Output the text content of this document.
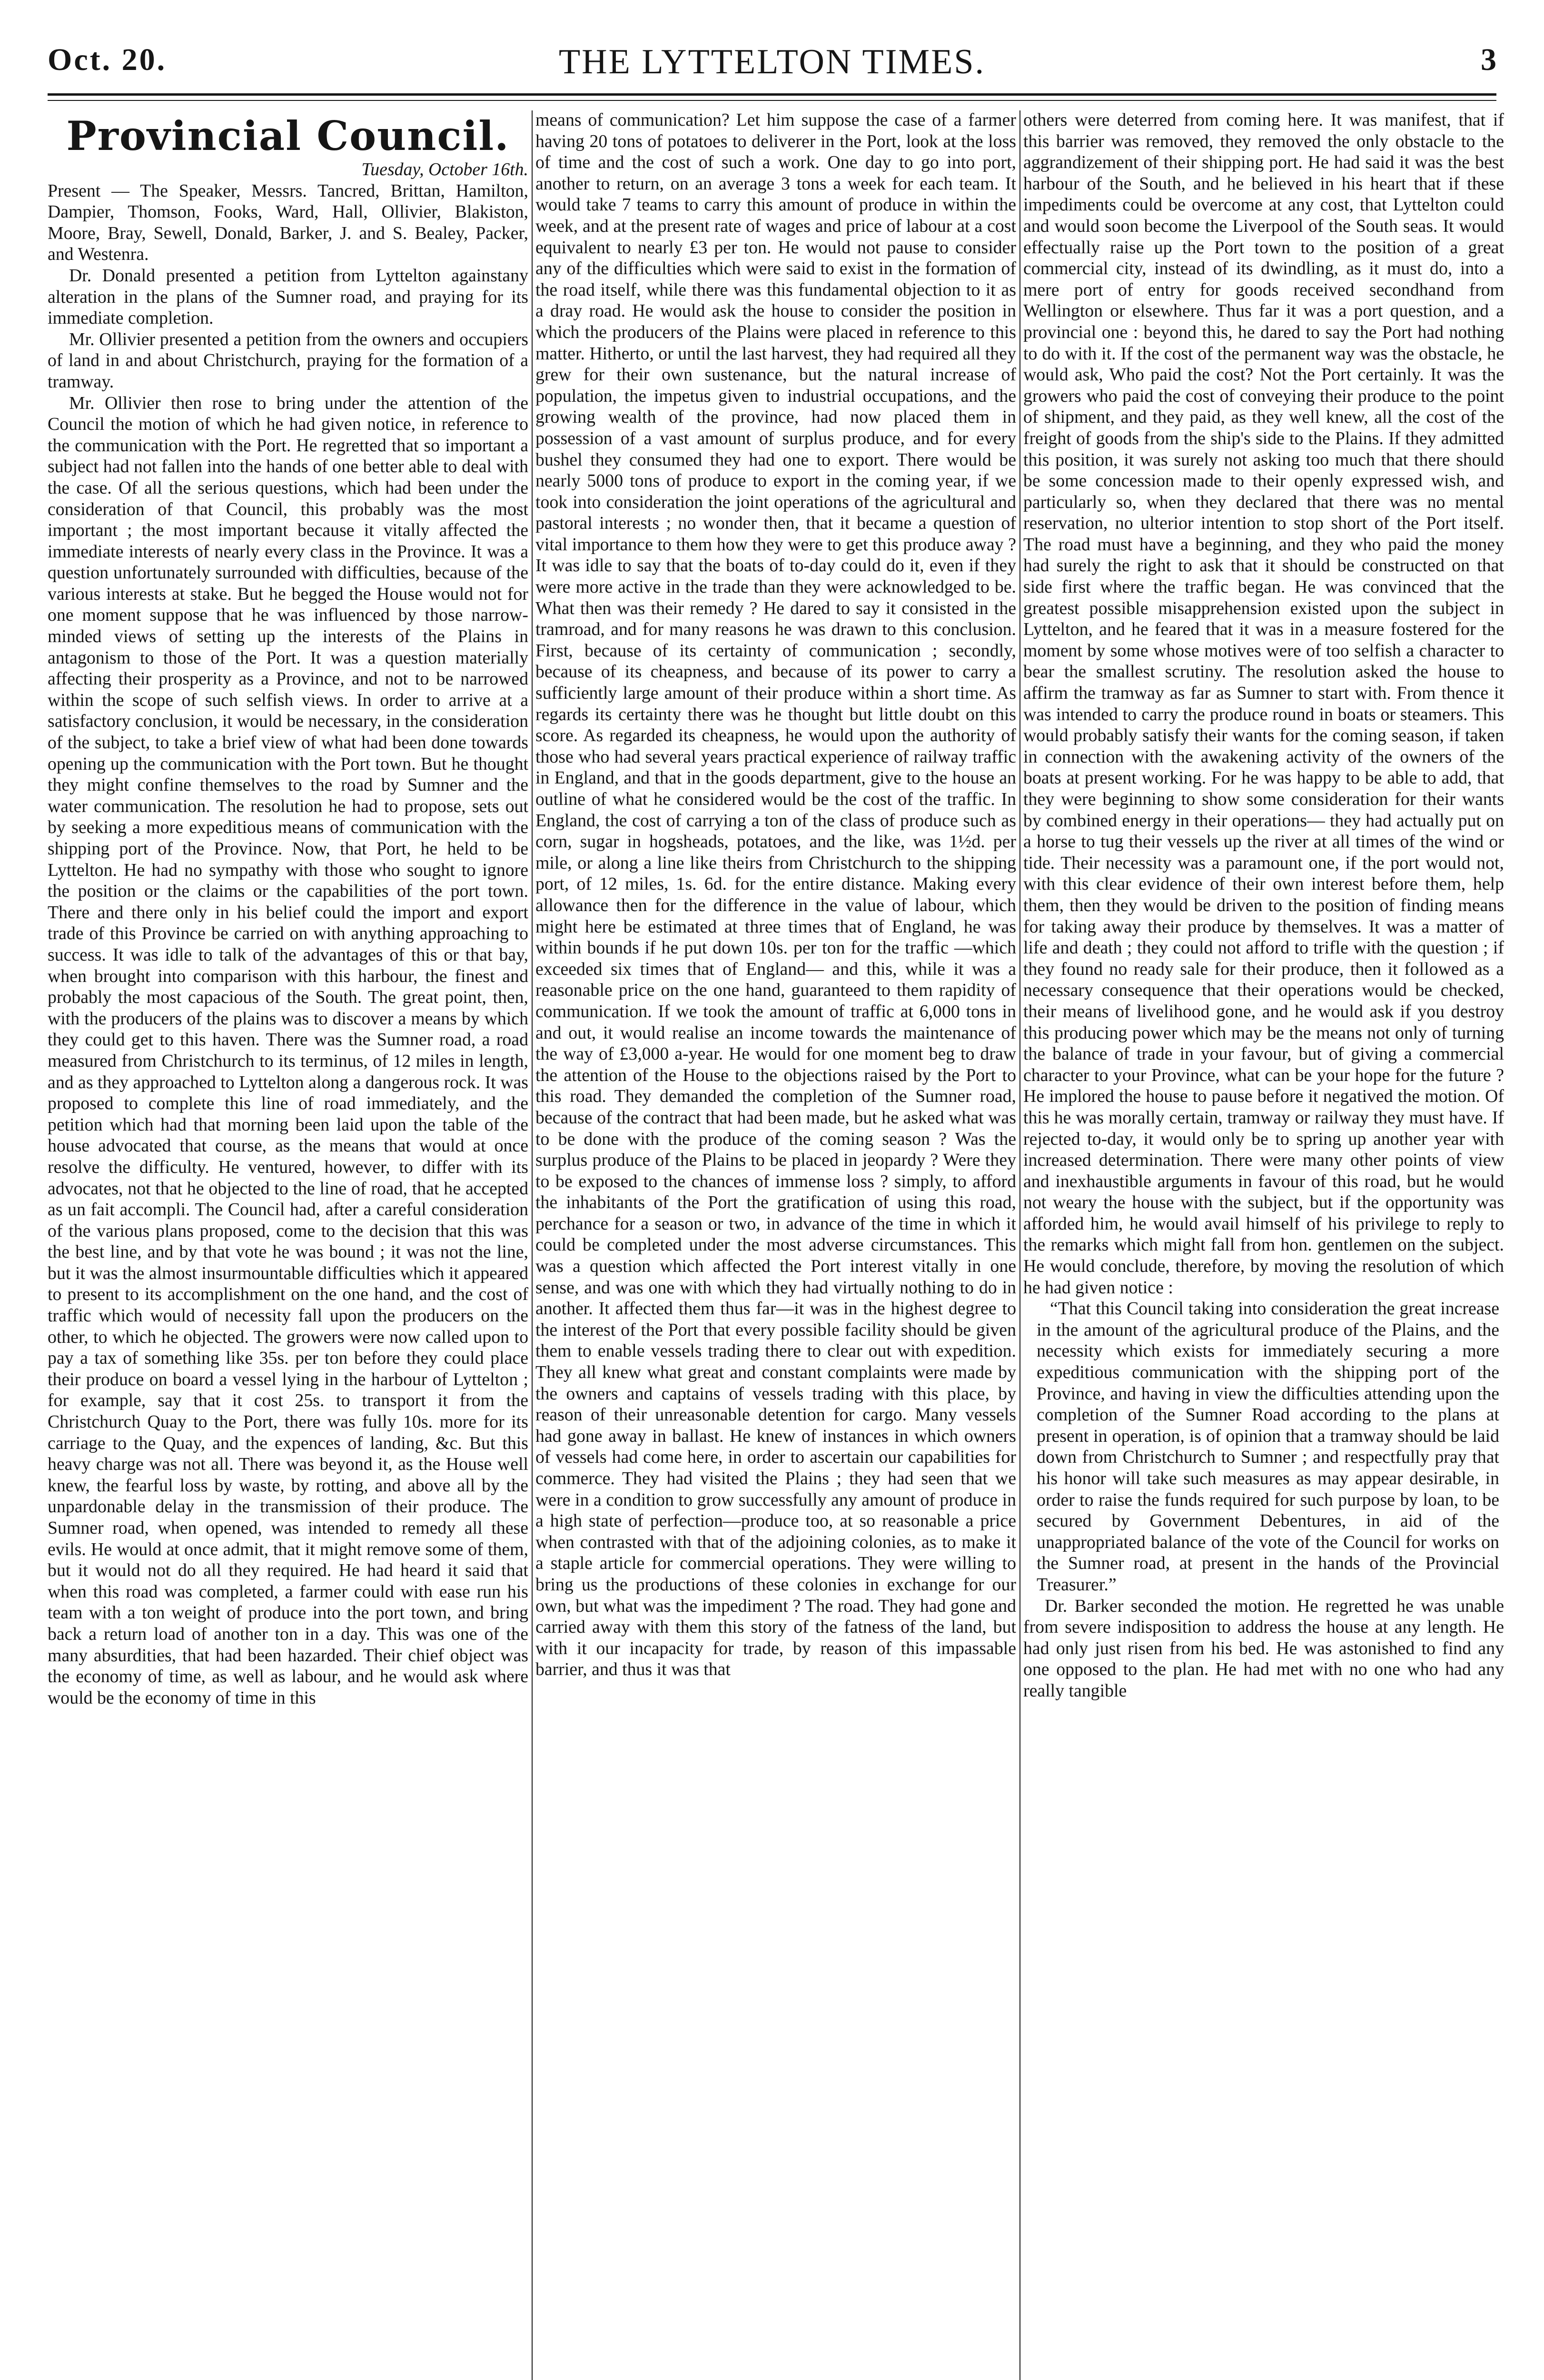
Oct. 20.	THE LYTTELTON TIMES.	3
Provincial Council.

Tuesday, October 16th.

Present — The Speaker, Messrs. Tancred, Brittan, Hamilton, Dampier, Thomson, Fooks, Ward, Hall, Ollivier, Blakiston, Moore, Bray, Sewell, Donald, Barker, J. and S. Bealey, Packer, and Westenra.

Dr. Donald presented a petition from Lyttelton againstany alteration in the plans of the Sumner road, and praying for its immediate completion.

Mr. Ollivier presented a petition from the owners and occupiers of land in and about Christchurch, praying for the formation of a tramway.

Mr. Ollivier then rose to bring under the attention of the Council the motion of which he had given notice, in reference to the communication with the Port. He regretted that so important a subject had not fallen into the hands of one better able to deal with the case. Of all the serious questions, which had been under the consideration of that Council, this probably was the most important ; the most important because it vitally affected the immediate interests of nearly every class in the Province. It was a question unfortunately surrounded with difficulties, because of the various interests at stake. But he begged the House would not for one moment suppose that he was influenced by those narrow-minded views of setting up the interests of the Plains in antagonism to those of the Port. It was a question materially affecting their prosperity as a Province, and not to be narrowed within the scope of such selfish views. In order to arrive at a satisfactory conclusion, it would be necessary, in the consideration of the subject, to take a brief view of what had been done towards opening up the communication with the Port town. But he thought they might confine themselves to the road by Sumner and the water communication. The resolution he had to propose, sets out by seeking a more expeditious means of communication with the shipping port of the Province. Now, that Port, he held to be Lyttelton. He had no sympathy with those who sought to ignore the position or the claims or the capabilities of the port town. There and there only in his belief could the import and export trade of this Province be carried on with anything approaching to success. It was idle to talk of the advantages of this or that bay, when brought into comparison with this harbour, the finest and probably the most capacious of the South. The great point, then, with the producers of the plains was to discover a means by which they could get to this haven. There was the Sumner road, a road measured from Christchurch to its terminus, of 12 miles in length, and as they approached to Lyttelton along a dangerous rock. It was proposed to complete this line of road immediately, and the petition which had that morning been laid upon the table of the house advocated that course, as the means that would at once resolve the difficulty. He ventured, however, to differ with its advocates, not that he objected to the line of road, that he accepted as un fait accompli. The Council had, after a careful consideration of the various plans proposed, come to the decision that this was the best line, and by that vote he was bound ; it was not the line, but it was the almost insurmountable difficulties which it appeared to present to its accomplishment on the one hand, and the cost of traffic which would of necessity fall upon the producers on the other, to which he objected. The growers were now called upon to pay a tax of something like 35s. per ton before they could place their produce on board a vessel lying in the harbour of Lyttelton ; for example, say that it cost 25s. to transport it from the Christchurch Quay to the Port, there was fully 10s. more for its carriage to the Quay, and the expences of landing, &c. But this heavy charge was not all. There was beyond it, as the House well knew, the fearful loss by waste, by rotting, and above all by the unpardonable delay in the transmission of their produce. The Sumner road, when opened, was intended to remedy all these evils. He would at once admit, that it might remove some of them, but it would not do all they required. He had heard it said that when this road was completed, a farmer could with ease run his team with a ton weight of produce into the port town, and bring back a return load of another ton in a day. This was one of the many absurdities, that had been hazarded. Their chief object was the economy of time, as well as labour, and he would ask where would be the economy of time in this

means of communication? Let him suppose the case of a farmer having 20 tons of potatoes to deliverer in the Port, look at the loss of time and the cost of such a work. One day to go into port, another to return, on an average 3 tons a week for each team. It would take 7 teams to carry this amount of produce in within the week, and at the present rate of wages and price of labour at a cost equivalent to nearly £3 per ton. He would not pause to consider any of the difficulties which were said to exist in the formation of the road itself, while there was this fundamental objection to it as a dray road. He would ask the house to consider the position in which the producers of the Plains were placed in reference to this matter. Hitherto, or until the last harvest, they had required all they grew for their own sustenance, but the natural increase of population, the impetus given to industrial occupations, and the growing wealth of the province, had now placed them in possession of a vast amount of surplus produce, and for every bushel they consumed they had one to export. There would be nearly 5000 tons of produce to export in the coming year, if we took into consideration the joint operations of the agricultural and pastoral interests ; no wonder then, that it became a question of vital importance to them how they were to get this produce away ? It was idle to say that the boats of to-day could do it, even if they were more active in the trade than they were acknowledged to be. What then was their remedy ? He dared to say it consisted in the tramroad, and for many reasons he was drawn to this conclusion. First, because of its certainty of communication ; secondly, because of its cheapness, and because of its power to carry a sufficiently large amount of their produce within a short time. As regards its certainty there was he thought but little doubt on this score. As regarded its cheapness, he would upon the authority of those who had several years practical experience of railway traffic in England, and that in the goods department, give to the house an outline of what he considered would be the cost of the traffic. In England, the cost of carrying a ton of the class of produce such as corn, sugar in hogsheads, potatoes, and the like, was 1½d. per mile, or along a line like theirs from Christchurch to the shipping port, of 12 miles, 1s. 6d. for the entire distance. Making every allowance then for the difference in the value of labour, which might here be estimated at three times that of England, he was within bounds if he put down 10s. per ton for the traffic —which exceeded six times that of England— and this, while it was a reasonable price on the one hand, guaranteed to them rapidity of communication. If we took the amount of traffic at 6,000 tons in and out, it would realise an income towards the maintenance of the way of £3,000 a-year. He would for one moment beg to draw the attention of the House to the objections raised by the Port to this road. They demanded the completion of the Sumner road, because of the contract that had been made, but he asked what was to be done with the produce of the coming season ? Was the surplus produce of the Plains to be placed in jeopardy ? Were they to be exposed to the chances of immense loss ? simply, to afford the inhabitants of the Port the gratification of using this road, perchance for a season or two, in advance of the time in which it could be completed under the most adverse circumstances. This was a question which affected the Port interest vitally in one sense, and was one with which they had virtually nothing to do in another. It affected them thus far—it was in the highest degree to the interest of the Port that every possible facility should be given them to enable vessels trading there to clear out with expedition. They all knew what great and constant complaints were made by the owners and captains of vessels trading with this place, by reason of their unreasonable detention for cargo. Many vessels had gone away in ballast. He knew of instances in which owners of vessels had come here, in order to ascertain our capabilities for commerce. They had visited the Plains ; they had seen that we were in a condition to grow successfully any amount of produce in a high state of perfection—produce too, at so reasonable a price when contrasted with that of the adjoining colonies, as to make it a staple article for commercial operations. They were willing to bring us the productions of these colonies in exchange for our own, but what was the impediment ? The road. They had gone and carried away with them this story of the fatness of the land, but with it our incapacity for trade, by reason of this impassable barrier, and thus it was that

others were deterred from coming here. It was manifest, that if this barrier was removed, they removed the only obstacle to the aggrandizement of their shipping port. He had said it was the best harbour of the South, and he believed in his heart that if these impediments could be overcome at any cost, that Lyttelton could and would soon become the Liverpool of the South seas. It would effectually raise up the Port town to the position of a great commercial city, instead of its dwindling, as it must do, into a mere port of entry for goods received secondhand from Wellington or elsewhere. Thus far it was a port question, and a provincial one : beyond this, he dared to say the Port had nothing to do with it. If the cost of the permanent way was the obstacle, he would ask, Who paid the cost? Not the Port certainly. It was the growers who paid the cost of conveying their produce to the point of shipment, and they paid, as they well knew, all the cost of the freight of goods from the ship's side to the Plains. If they admitted this position, it was surely not asking too much that there should be some concession made to their openly expressed wish, and particularly so, when they declared that there was no mental reservation, no ulterior intention to stop short of the Port itself. The road must have a beginning, and they who paid the money had surely the right to ask that it should be constructed on that side first where the traffic began. He was convinced that the greatest possible misapprehension existed upon the subject in Lyttelton, and he feared that it was in a measure fostered for the moment by some whose motives were of too selfish a character to bear the smallest scrutiny. The resolution asked the house to affirm the tramway as far as Sumner to start with. From thence it was intended to carry the produce round in boats or steamers. This would probably satisfy their wants for the coming season, if taken in connection with the awakening activity of the owners of the boats at present working. For he was happy to be able to add, that they were beginning to show some consideration for their wants by combined energy in their operations— they had actually put on a horse to tug their vessels up the river at all times of the wind or tide. Their necessity was a paramount one, if the port would not, with this clear evidence of their own interest before them, help them, then they would be driven to the position of finding means for taking away their produce by themselves. It was a matter of life and death ; they could not afford to trifle with the question ; if they found no ready sale for their produce, then it followed as a necessary consequence that their operations would be checked, their means of livelihood gone, and he would ask if you destroy this producing power which may be the means not only of turning the balance of trade in your favour, but of giving a commercial character to your Province, what can be your hope for the future ? He implored the house to pause before it negatived the motion. Of this he was morally certain, tramway or railway they must have. If rejected to-day, it would only be to spring up another year with increased determination. There were many other points of view and inexhaustible arguments in favour of this road, but he would not weary the house with the subject, but if the opportunity was afforded him, he would avail himself of his privilege to reply to the remarks which might fall from hon. gentlemen on the subject. He would conclude, therefore, by moving the resolution of which he had given notice :

“That this Council taking into consideration the great increase in the amount of the agricultural produce of the Plains, and the necessity which exists for immediately securing a more expeditious communication with the shipping port of the Province, and having in view the difficulties attending upon the completion of the Sumner Road according to the plans at present in operation, is of opinion that a tramway should be laid down from Christchurch to Sumner ; and respectfully pray that his honor will take such measures as may appear desirable, in order to raise the funds required for such purpose by loan, to be secured by Government Debentures, in aid of the unappropriated balance of the vote of the Council for works on the Sumner road, at present in the hands of the Provincial Treasurer.”

Dr. Barker seconded the motion. He regretted he was unable from severe indisposition to address the house at any length. He had only just risen from his bed. He was astonished to find any one opposed to the plan. He had met with no one who had any really tangible
